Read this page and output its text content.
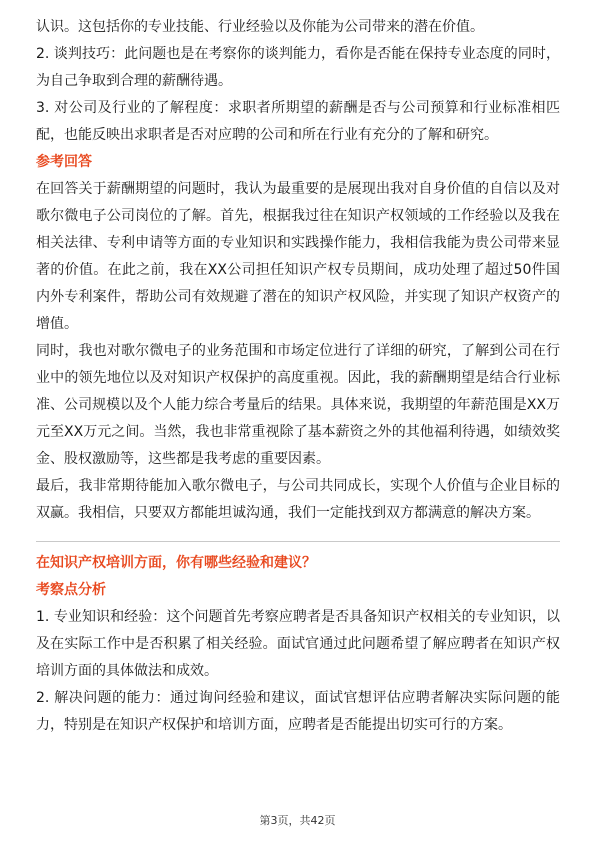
认识。这包括你的专业技能、行业经验以及你能为公司带来的潜在价值。

2. 谈判技巧：此问题也是在考察你的谈判能力，看你是否能在保持专业态度的同时，为自己争取到合理的薪酬待遇。

3. 对公司及行业的了解程度：求职者所期望的薪酬是否与公司预算和行业标准相匹配，也能反映出求职者是否对应聘的公司和所在行业有充分的了解和研究。

参考回答

在回答关于薪酬期望的问题时，我认为最重要的是展现出我对自身价值的自信以及对歌尔微电子公司岗位的了解。首先，根据我过往在知识产权领域的工作经验以及我在相关法律、专利申请等方面的专业知识和实践操作能力，我相信我能为贵公司带来显著的价值。在此之前，我在XX公司担任知识产权专员期间，成功处理了超过50件国内外专利案件，帮助公司有效规避了潜在的知识产权风险，并实现了知识产权资产的增值。

同时，我也对歌尔微电子的业务范围和市场定位进行了详细的研究，了解到公司在行业中的领先地位以及对知识产权保护的高度重视。因此，我的薪酬期望是结合行业标准、公司规模以及个人能力综合考量后的结果。具体来说，我期望的年薪范围是XX万元至XX万元之间。当然，我也非常重视除了基本薪资之外的其他福利待遇，如绩效奖金、股权激励等，这些都是我考虑的重要因素。

最后，我非常期待能加入歌尔微电子，与公司共同成长，实现个人价值与企业目标的双赢。我相信，只要双方都能坦诚沟通，我们一定能找到双方都满意的解决方案。

在知识产权培训方面，你有哪些经验和建议？

考察点分析

1. 专业知识和经验：这个问题首先考察应聘者是否具备知识产权相关的专业知识，以及在实际工作中是否积累了相关经验。面试官通过此问题希望了解应聘者在知识产权培训方面的具体做法和成效。

2. 解决问题的能力：通过询问经验和建议，面试官想评估应聘者解决实际问题的能力，特别是在知识产权保护和培训方面，应聘者是否能提出切实可行的方案。

第3页，共42页
